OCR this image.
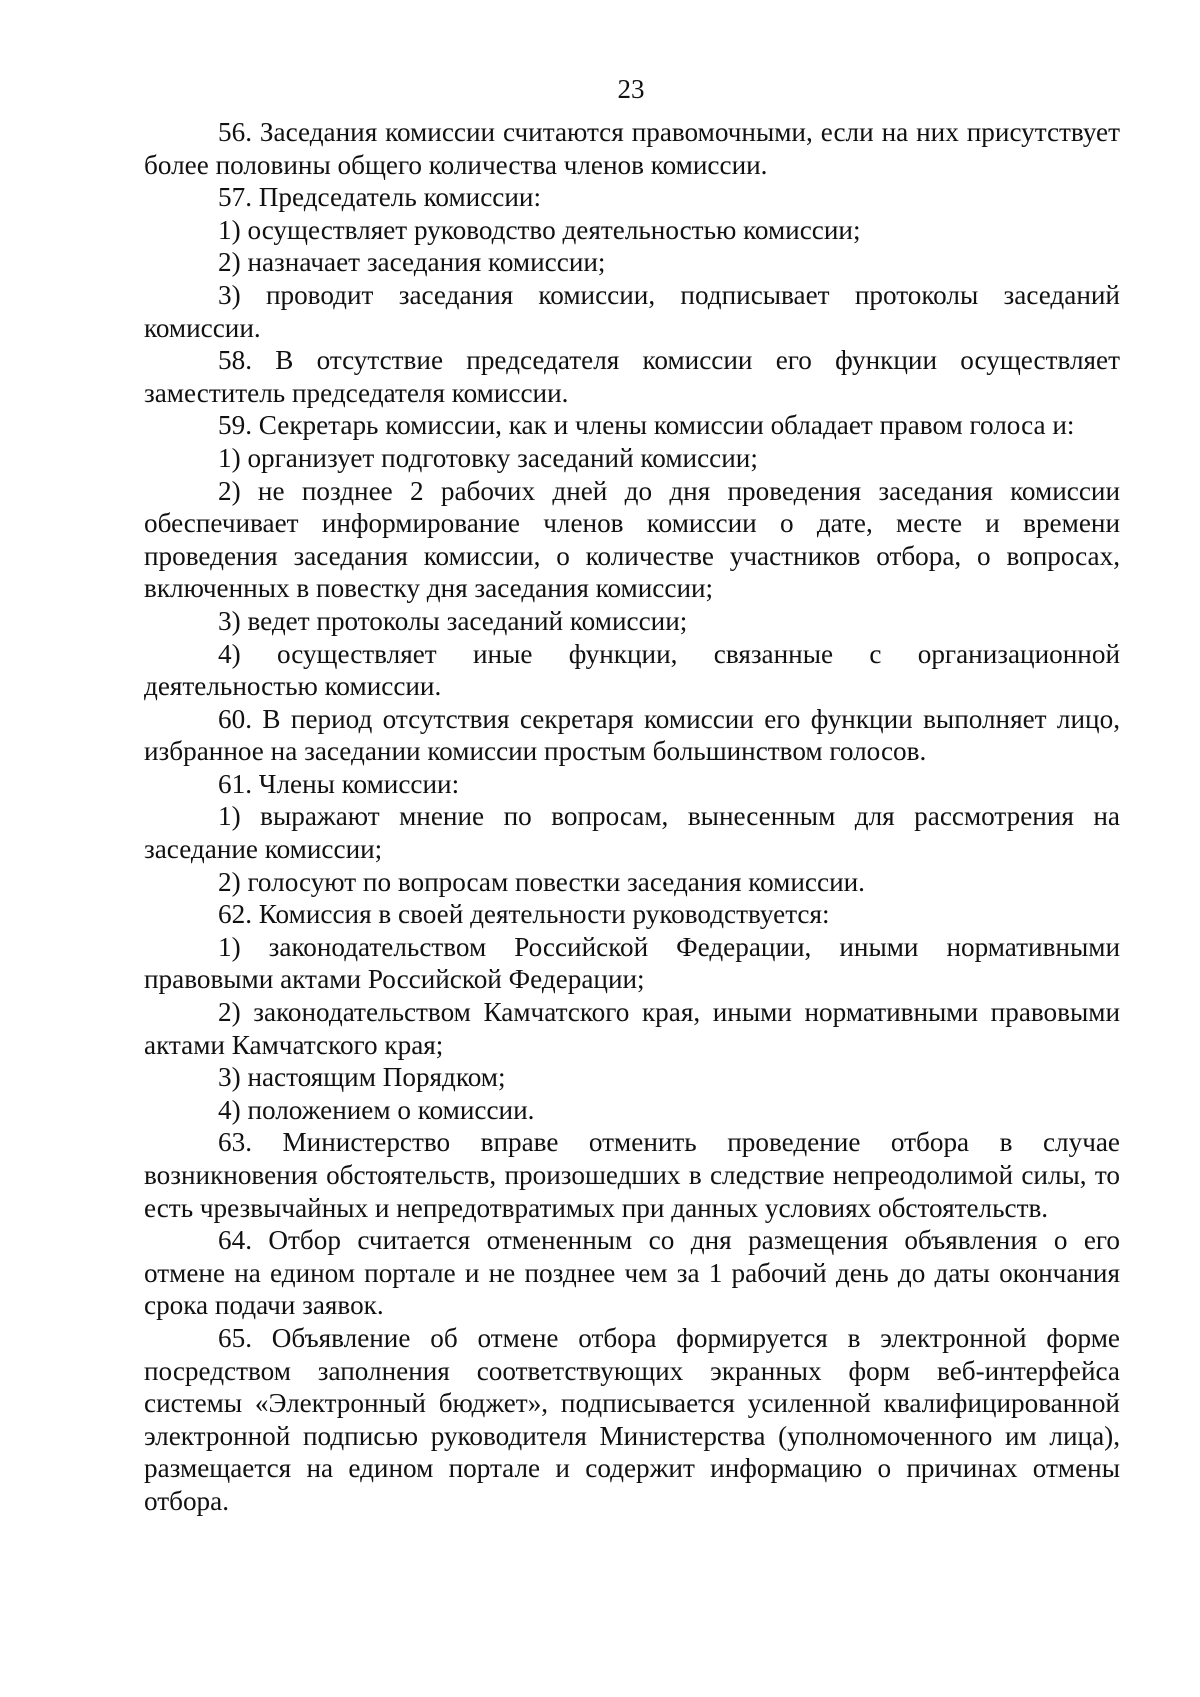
23

56. Заседания комиссии считаются правомочными, если на них присутствует более половины общего количества членов комиссии.

57. Председатель комиссии:

1) осуществляет руководство деятельностью комиссии;

2) назначает заседания комиссии;

3) проводит заседания комиссии, подписывает протоколы заседаний комиссии.

58. В отсутствие председателя комиссии его функции осуществляет заместитель председателя комиссии.

59. Секретарь комиссии, как и члены комиссии обладает правом голоса и:

1) организует подготовку заседаний комиссии;

2) не позднее 2 рабочих дней до дня проведения заседания комиссии обеспечивает информирование членов комиссии о дате, месте и времени проведения заседания комиссии, о количестве участников отбора, о вопросах, включенных в повестку дня заседания комиссии;

3) ведет протоколы заседаний комиссии;

4) осуществляет иные функции, связанные с организационной деятельностью комиссии.

60. В период отсутствия секретаря комиссии его функции выполняет лицо, избранное на заседании комиссии простым большинством голосов.

61. Члены комиссии:

1) выражают мнение по вопросам, вынесенным для рассмотрения на заседание комиссии;

2) голосуют по вопросам повестки заседания комиссии.

62. Комиссия в своей деятельности руководствуется:

1) законодательством Российской Федерации, иными нормативными правовыми актами Российской Федерации;

2) законодательством Камчатского края, иными нормативными правовыми актами Камчатского края;

3) настоящим Порядком;

4) положением о комиссии.

63. Министерство вправе отменить проведение отбора в случае возникновения обстоятельств, произошедших в следствие непреодолимой силы, то есть чрезвычайных и непредотвратимых при данных условиях обстоятельств.

64. Отбор считается отмененным со дня размещения объявления о его отмене на едином портале и не позднее чем за 1 рабочий день до даты окончания срока подачи заявок.

65. Объявление об отмене отбора формируется в электронной форме посредством заполнения соответствующих экранных форм веб-интерфейса системы «Электронный бюджет», подписывается усиленной квалифицированной электронной подписью руководителя Министерства (уполномоченного им лица), размещается на едином портале и содержит информацию о причинах отмены отбора.
